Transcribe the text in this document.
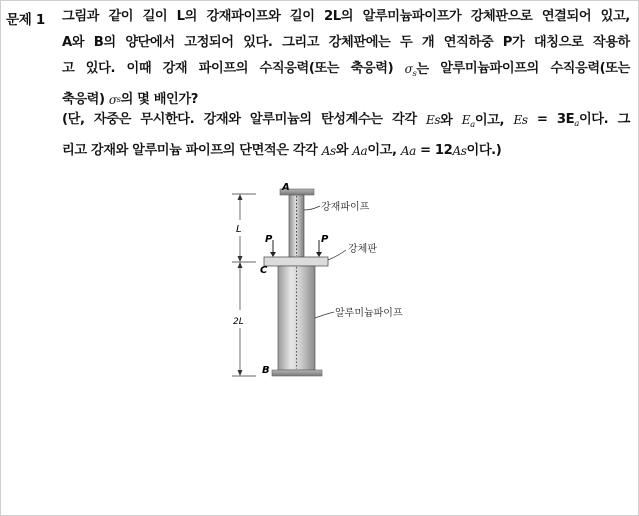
문제 1 그림과 같이 길이 L의 강재파이프와 길이 2L의 알루미늄파이프가 강체판으로 연결되어 있고,
A와 B의 양단에서 고정되어 있다. 그리고 강체판에는 두 개 연직하중 P가 대칭으로 작용하
고 있다. 이때 강재 파이프의 수직응력(또는 축응력) $\sigma_s$는 알루미늄파이프의 수직응력(또는
축응력)
σ s 의
몇
배인가?
(단, 자중은 무시한다. 강재와 알루미늄의 탄성계수는 각각 Es와 $E_a$이고, $Es = 3E_a$이다. 그
리고
강재와
알루미늄
파이프의
단면적은
각각
As 와
Aa 이고,
Aa
=
12 As 이다.)
A
C
B
P	P
L
2L
강재파이프
강체판
알루미늄파이프
